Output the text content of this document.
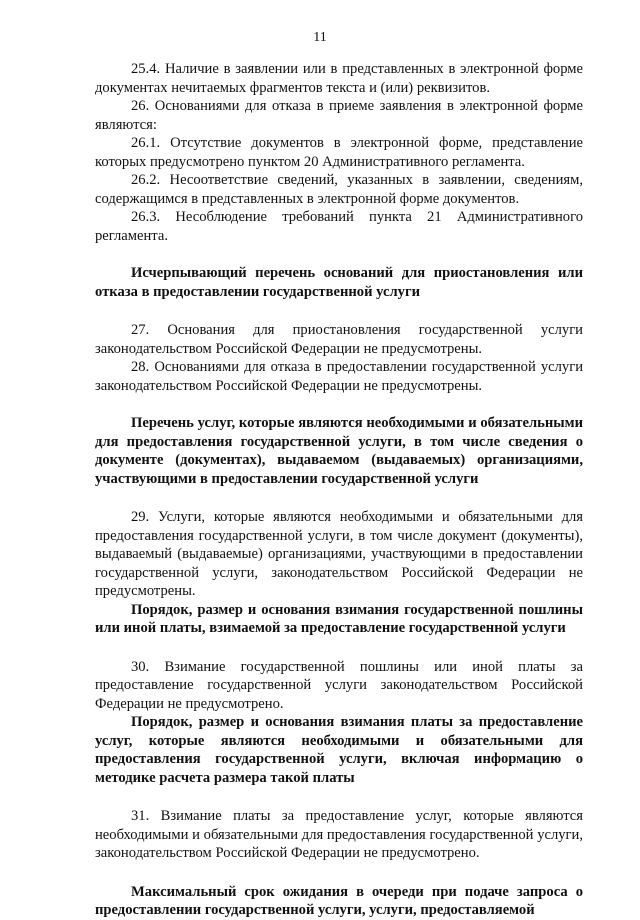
11

25.4. Наличие в заявлении или в представленных в электронной форме документах нечитаемых фрагментов текста и (или) реквизитов.

26. Основаниями для отказа в приеме заявления в электронной форме являются:

26.1. Отсутствие документов в электронной форме, представление которых предусмотрено пунктом 20 Административного регламента.

26.2. Несоответствие сведений, указанных в заявлении, сведениям, содержащимся в представленных в электронной форме документов.

26.3. Несоблюдение требований пункта 21 Административного регламента.

Исчерпывающий перечень оснований для приостановления или отказа в предоставлении государственной услуги

27. Основания для приостановления государственной услуги законодательством Российской Федерации не предусмотрены.

28. Основаниями для отказа в предоставлении государственной услуги законодательством Российской Федерации не предусмотрены.

Перечень услуг, которые являются необходимыми и обязательными для предоставления государственной услуги, в том числе сведения о документе (документах), выдаваемом (выдаваемых) организациями, участвующими в предоставлении государственной услуги

29. Услуги, которые являются необходимыми и обязательными для предоставления государственной услуги, в том числе документ (документы), выдаваемый (выдаваемые) организациями, участвующими в предоставлении государственной услуги, законодательством Российской Федерации не предусмотрены.

Порядок, размер и основания взимания государственной пошлины или иной платы, взимаемой за предоставление государственной услуги

30. Взимание государственной пошлины или иной платы за предоставление государственной услуги законодательством Российской Федерации не предусмотрено.

Порядок, размер и основания взимания платы за предоставление услуг, которые являются необходимыми и обязательными для предоставления государственной услуги, включая информацию о методике расчета размера такой платы

31. Взимание платы за предоставление услуг, которые являются необходимыми и обязательными для предоставления государственной услуги, законодательством Российской Федерации не предусмотрено.

Максимальный срок ожидания в очереди при подаче запроса о предоставлении государственной услуги, услуги, предоставляемой
